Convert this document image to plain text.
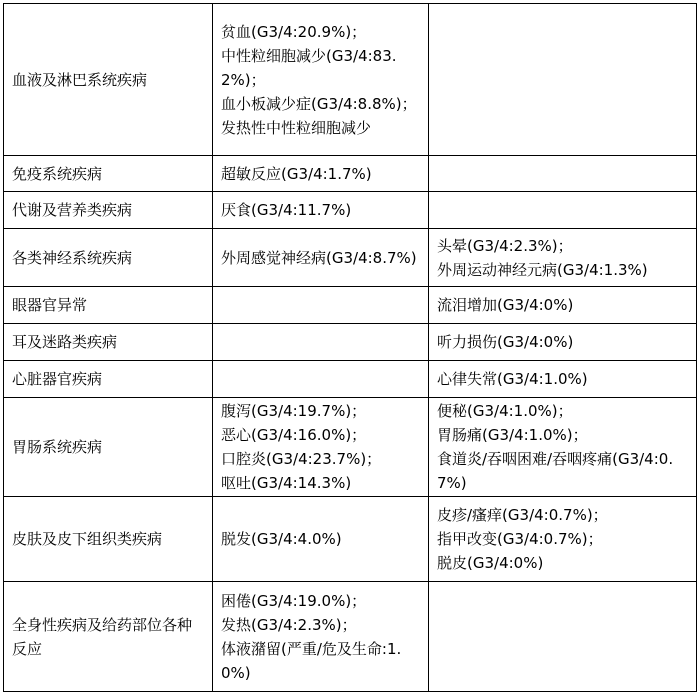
血液及淋巴系统疾病	贫血(G3/4:20.9%)；
中性粒细胞减少(G3/4:83.2%)；
血小板减少症(G3/4:8.8%)；
发热性中性粒细胞减少	

免疫系统疾病	超敏反应(G3/4:1.7%)	

代谢及营养类疾病	厌食(G3/4:11.7%)	

各类神经系统疾病	外周感觉神经病(G3/4:8.7%)	头晕(G3/4:2.3%)；
外周运动神经元病(G3/4:1.3%)

眼器官异常		流泪增加(G3/4:0%)

耳及迷路类疾病		听力损伤(G3/4:0%)

心脏器官疾病		心律失常(G3/4:1.0%)

胃肠系统疾病	腹泻(G3/4:19.7%)；
恶心(G3/4:16.0%)；
口腔炎(G3/4:23.7%)；
呕吐(G3/4:14.3%)	便秘(G3/4:1.0%)；
胃肠痛(G3/4:1.0%)；
食道炎/吞咽困难/吞咽疼痛(G3/4:0.7%)

皮肤及皮下组织类疾病	脱发(G3/4:4.0%)	皮疹/瘙痒(G3/4:0.7%)；
指甲改变(G3/4:0.7%)；
脱皮(G3/4:0%)

全身性疾病及给药部位各种反应	困倦(G3/4:19.0%)；
发热(G3/4:2.3%)；
体液潴留(严重/危及生命:1.0%)	
